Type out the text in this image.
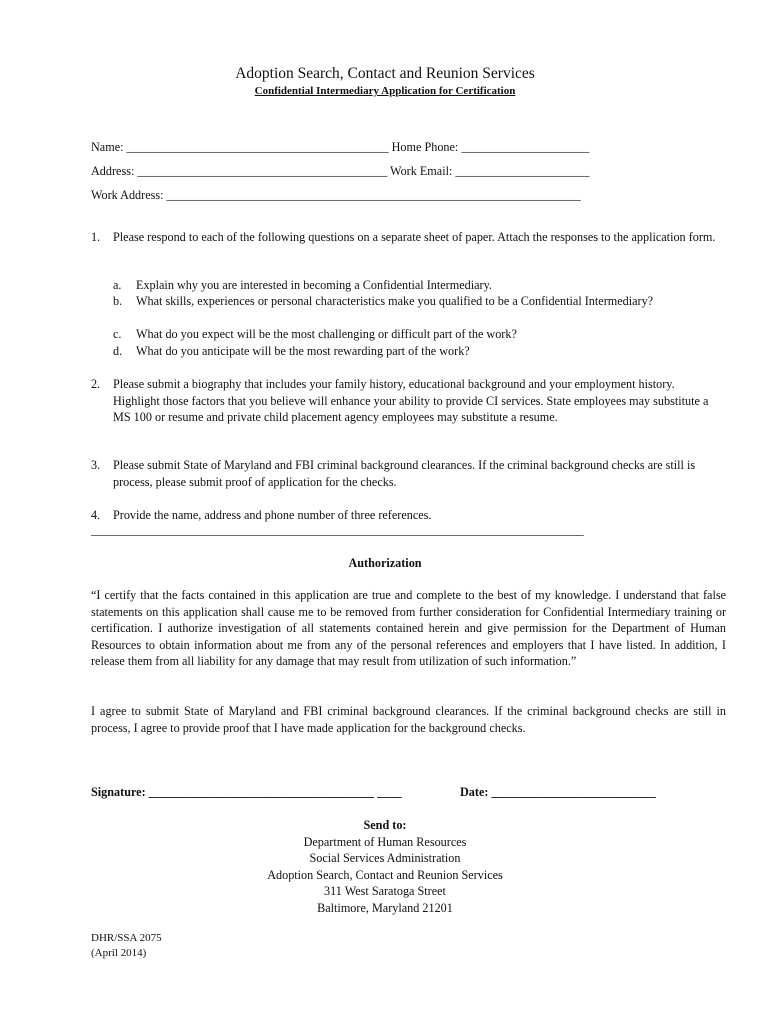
Adoption Search, Contact and Reunion Services
Confidential Intermediary Application for Certification
Name: ___________________________________________ Home Phone: _____________________
Address: _________________________________________ Work Email: ______________________
Work Address: ____________________________________________________________________
1. Please respond to each of the following questions on a separate sheet of paper. Attach the responses to the application form.
a. Explain why you are interested in becoming a Confidential Intermediary.
b. What skills, experiences or personal characteristics make you qualified to be a Confidential Intermediary?
c. What do you expect will be the most challenging or difficult part of the work?
d. What do you anticipate will be the most rewarding part of the work?
2. Please submit a biography that includes your family history, educational background and your employment history. Highlight those factors that you believe will enhance your ability to provide CI services. State employees may substitute a MS 100 or resume and private child placement agency employees may substitute a resume.
3. Please submit State of Maryland and FBI criminal background clearances. If the criminal background checks are still is process, please submit proof of application for the checks.
4. Provide the name, address and phone number of three references.
________________________________________________________________________________________
Authorization
“I certify that the facts contained in this application are true and complete to the best of my knowledge. I understand that false statements on this application shall cause me to be removed from further consideration for Confidential Intermediary training or certification. I authorize investigation of all statements contained herein and give permission for the Department of Human Resources to obtain information about me from any of the personal references and employers that I have listed. In addition, I release them from all liability for any damage that may result from utilization of such information.”
I agree to submit State of Maryland and FBI criminal background clearances. If the criminal background checks are still in process, I agree to provide proof that I have made application for the background checks.
Signature: _____________________________________ ____	Date: ___________________________
Send to:
Department of Human Resources
Social Services Administration
Adoption Search, Contact and Reunion Services
311 West Saratoga Street
Baltimore, Maryland 21201
DHR/SSA 2075
(April 2014)
